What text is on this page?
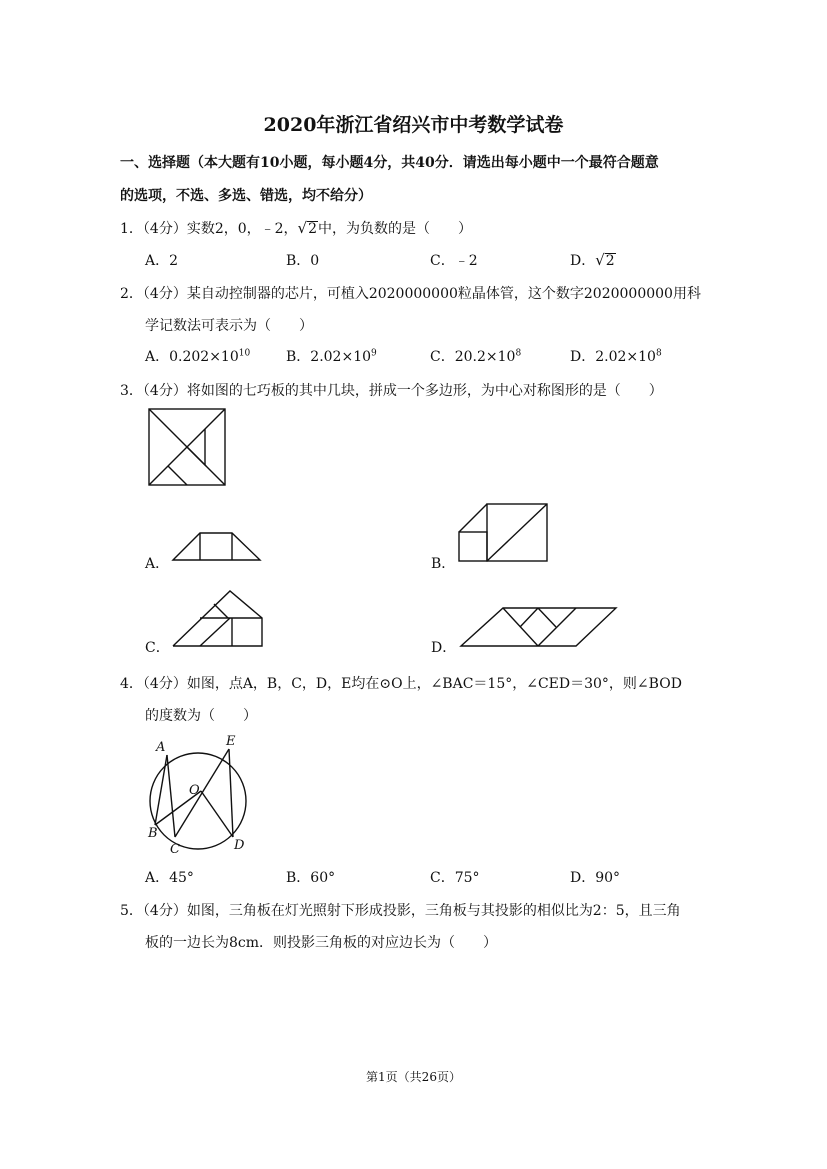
2020年浙江省绍兴市中考数学试卷
一、选择题（本大题有10小题，每小题4分，共40分．请选出每小题中一个最符合题意
的选项，不选、多选、错选，均不给分）
1．（4分）实数2，0，﹣2，√2中，为负数的是（　　）
A．2	B．0	C．﹣2	D．√2
2．（4分）某自动控制器的芯片，可植入2020000000粒晶体管，这个数字2020000000用科
学记数法可表示为（　　）
A．$0.202\times 10^{10}$	B．$2.02\times 10^9$	C．$20.2\times 10^8$	D．$2.02\times 10^8$
3．（4分）将如图的七巧板的其中几块，拼成一个多边形，为中心对称图形的是（　　）
A．	B．
C．	D．
4．（4分）如图，点A，B，C，D，E均在⊙O上，∠BAC＝15°，∠CED＝30°，则∠BOD
的度数为（　　）
A	E
O
B
C	D
A．45°	B．60°	C．75°	D．90°
5．（4分）如图，三角板在灯光照射下形成投影，三角板与其投影的相似比为2：5，且三角
板的一边长为8cm．则投影三角板的对应边长为（　　）
第1页（共26页）
